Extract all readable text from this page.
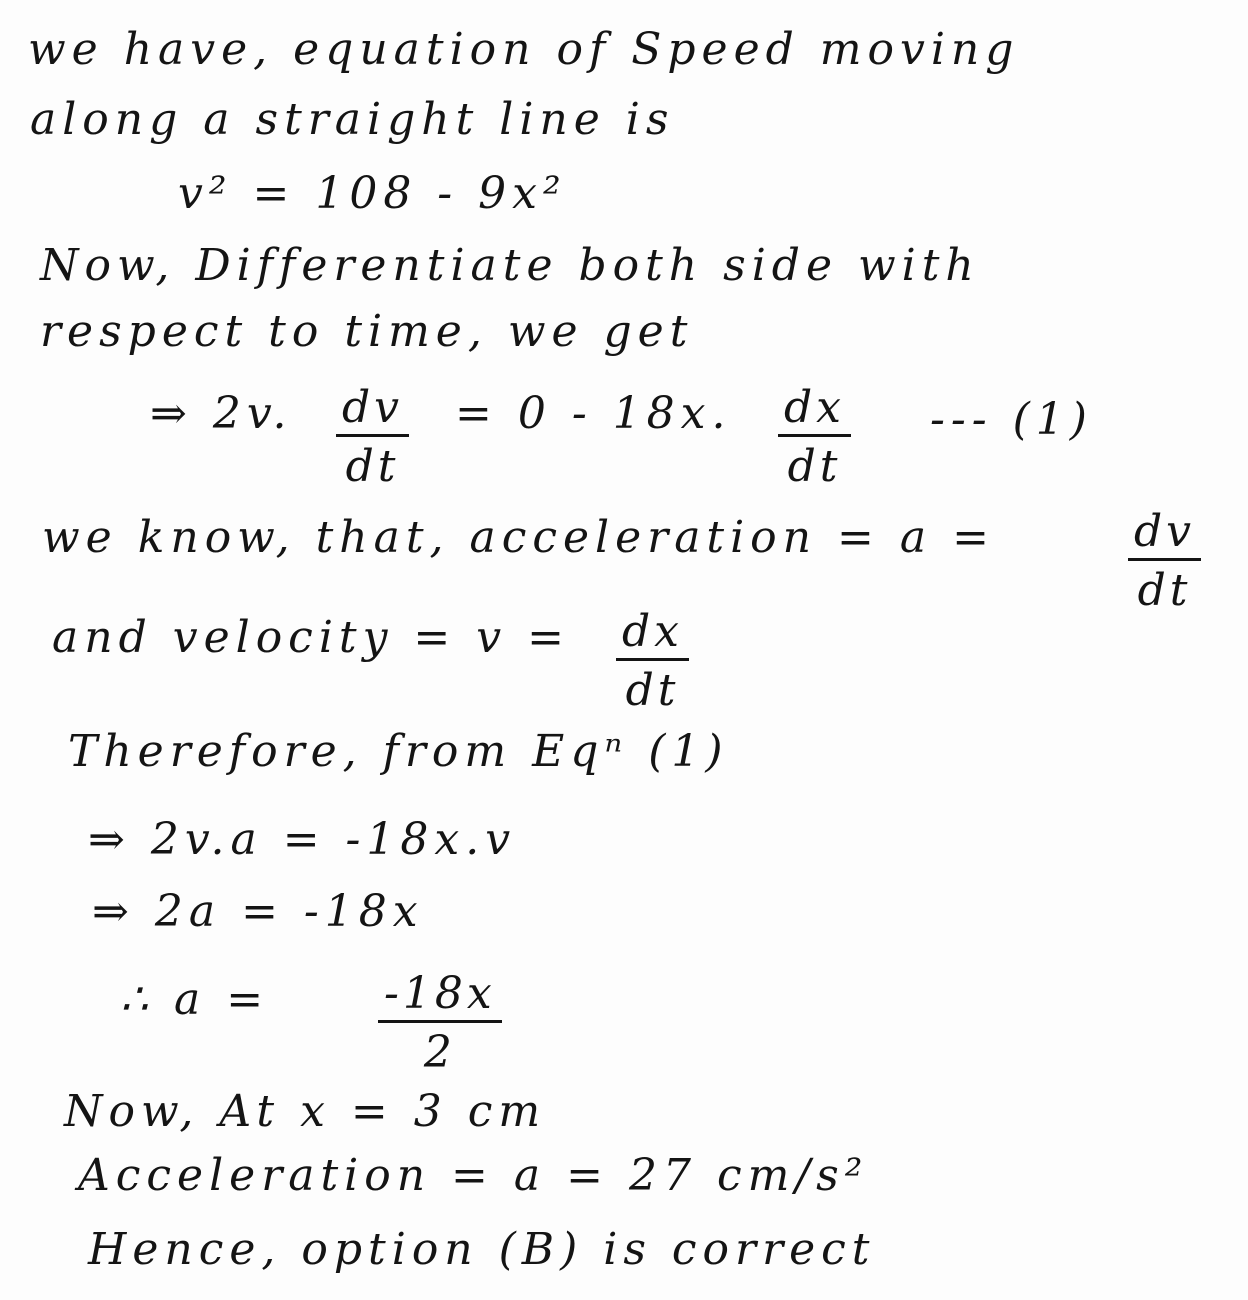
we have, equation of Speed moving
along a straight line is
v² = 108 - 9x²
Now, Differentiate both side with
respect to time, we get
⇒ 2v. $\frac{dv}{dt} = 0 - 18x$. $\frac{dx}{dt}$ --- (1)
we know, that, acceleration = a =	$\frac{dv}{dt}$
and velocity = $v = \frac{dx}{dt}$
Therefore, from Eqⁿ (1)
⇒ 2v.a = -18x.v
⇒ 2a = -18x
∴ $a = \frac{-18x}{2}$
Now, At x = 3 cm
Acceleration = a = 27 cm/s²
Hence, option (B) is correct
